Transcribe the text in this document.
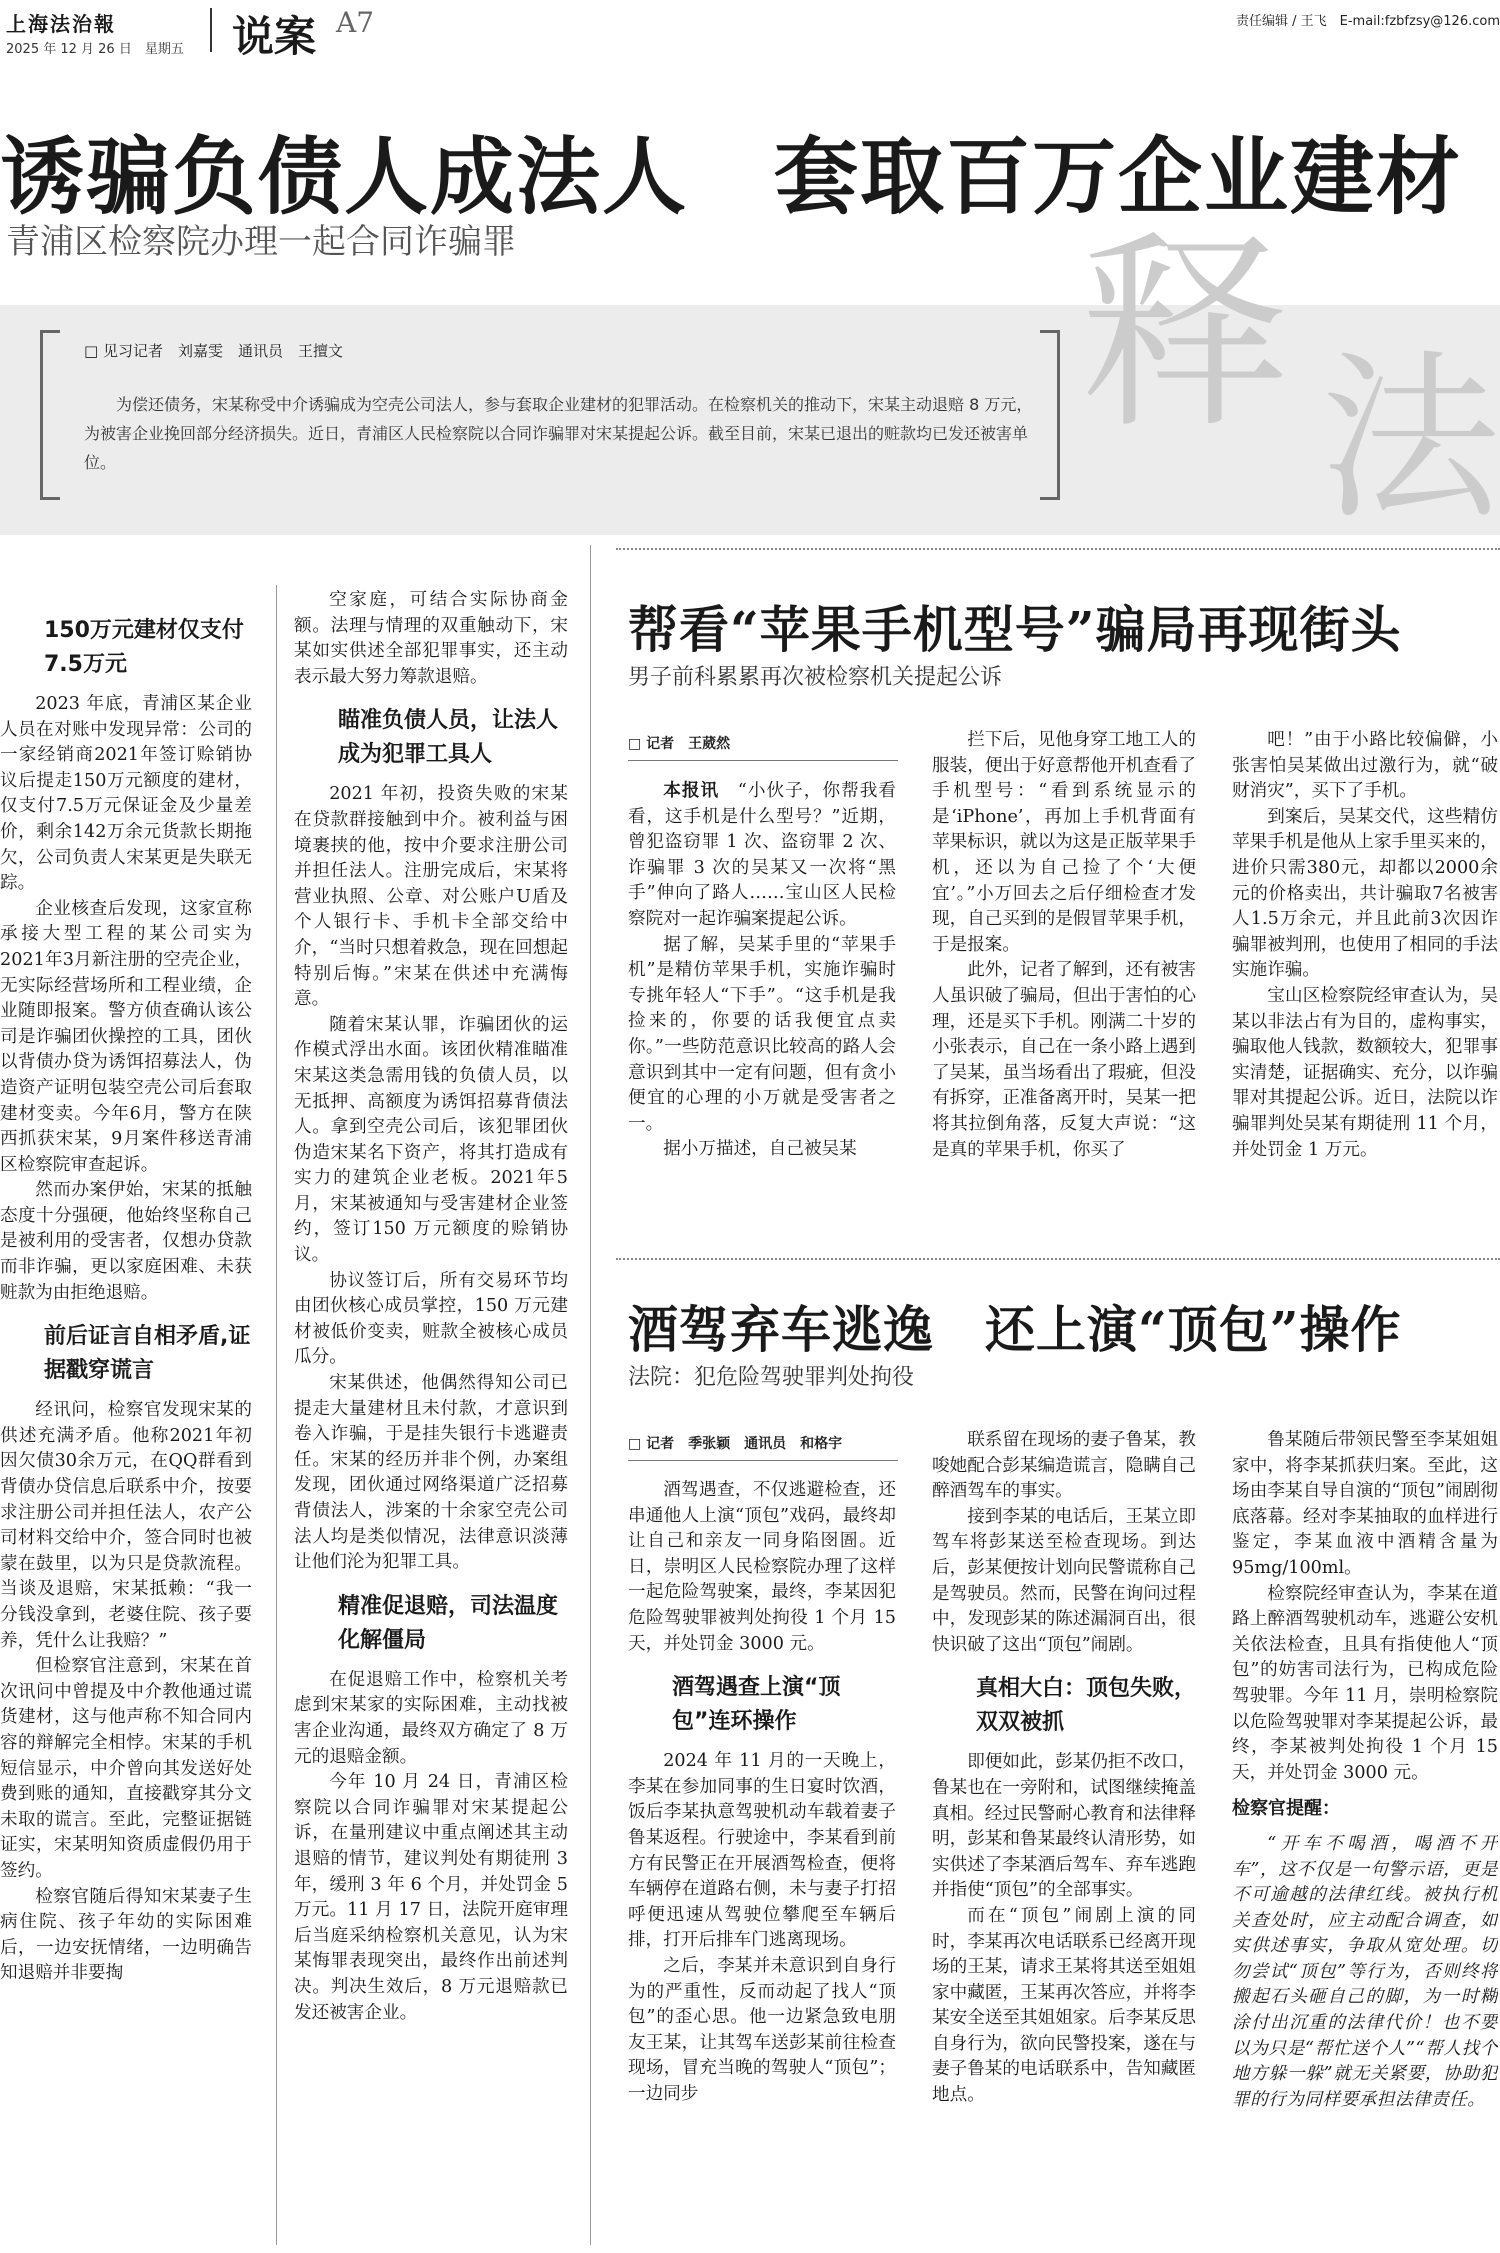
上海法治報
2025 年 12 月 26 日　星期五 说案 A7	责任编辑 / 王飞　E-mail:fzbfzsy@126.com
诱骗负债人成法人　套取百万企业建材
青浦区检察院办理一起合同诈骗罪
□ 见习记者　刘嘉雯　通讯员　王擅文
为偿还债务，宋某称受中介诱骗成为空壳公司法人，参与套取企业建材的犯罪活动。在检察机关的推动下，宋某主动退赔 8 万元，为被害企业挽回部分经济损失。近日，青浦区人民检察院以合同诈骗罪对宋某提起公诉。截至目前，宋某已退出的赃款均已发还被害单位。
释 法
150万元建材仅支付7.5万元

2023 年底，青浦区某企业人员在对账中发现异常：公司的一家经销商2021年签订赊销协议后提走150万元额度的建材，仅支付7.5万元保证金及少量差价，剩余142万余元货款长期拖欠，公司负责人宋某更是失联无踪。

企业核查后发现，这家宣称承接大型工程的某公司实为2021年3月新注册的空壳企业，无实际经营场所和工程业绩，企业随即报案。警方侦查确认该公司是诈骗团伙操控的工具，团伙以背债办贷为诱饵招募法人，伪造资产证明包装空壳公司后套取建材变卖。今年6月，警方在陕西抓获宋某，9月案件移送青浦区检察院审查起诉。

然而办案伊始，宋某的抵触态度十分强硬，他始终坚称自己是被利用的受害者，仅想办贷款而非诈骗，更以家庭困难、未获赃款为由拒绝退赔。

前后证言自相矛盾,证据戳穿谎言

经讯问，检察官发现宋某的供述充满矛盾。他称2021年初因欠债30余万元，在QQ群看到背债办贷信息后联系中介，按要求注册公司并担任法人，农产公司材料交给中介，签合同时也被蒙在鼓里，以为只是贷款流程。当谈及退赔，宋某抵赖：“我一分钱没拿到，老婆住院、孩子要养，凭什么让我赔？”

但检察官注意到，宋某在首次讯问中曾提及中介教他通过谎货建材，这与他声称不知合同内容的辩解完全相悖。宋某的手机短信显示，中介曾向其发送好处费到账的通知，直接戳穿其分文未取的谎言。至此，完整证据链证实，宋某明知资质虚假仍用于签约。

检察官随后得知宋某妻子生病住院、孩子年幼的实际困难后，一边安抚情绪，一边明确告知退赔并非要掏

空家庭，可结合实际协商金额。法理与情理的双重触动下，宋某如实供述全部犯罪事实，还主动表示最大努力筹款退赔。

瞄准负债人员，让法人成为犯罪工具人

2021 年初，投资失败的宋某在贷款群接触到中介。被利益与困境裹挟的他，按中介要求注册公司并担任法人。注册完成后，宋某将营业执照、公章、对公账户U盾及个人银行卡、手机卡全部交给中介，“当时只想着救急，现在回想起特别后悔。”宋某在供述中充满悔意。

随着宋某认罪，诈骗团伙的运作模式浮出水面。该团伙精准瞄准宋某这类急需用钱的负债人员，以无抵押、高额度为诱饵招募背债法人。拿到空壳公司后，该犯罪团伙伪造宋某名下资产，将其打造成有实力的建筑企业老板。2021年5月，宋某被通知与受害建材企业签约，签订150 万元额度的赊销协议。

协议签订后，所有交易环节均由团伙核心成员掌控，150 万元建材被低价变卖，赃款全被核心成员瓜分。

宋某供述，他偶然得知公司已提走大量建材且未付款，才意识到卷入诈骗，于是挂失银行卡逃避责任。宋某的经历并非个例，办案组发现，团伙通过网络渠道广泛招募背债法人，涉案的十余家空壳公司法人均是类似情况，法律意识淡薄让他们沦为犯罪工具。

精准促退赔，司法温度化解僵局

在促退赔工作中，检察机关考虑到宋某家的实际困难，主动找被害企业沟通，最终双方确定了 8 万元的退赔金额。

今年 10 月 24 日，青浦区检察院以合同诈骗罪对宋某提起公诉，在量刑建议中重点阐述其主动退赔的情节，建议判处有期徒刑 3 年，缓刑 3 年 6 个月，并处罚金 5 万元。11 月 17 日，法院开庭审理后当庭采纳检察机关意见，认为宋某悔罪表现突出，最终作出前述判决。判决生效后，8 万元退赔款已发还被害企业。

帮看“苹果手机型号”骗局再现街头
男子前科累累再次被检察机关提起公诉
□ 记者　王葳然

本报讯　“小伙子，你帮我看看，这手机是什么型号？”近期，曾犯盗窃罪 1 次、盗窃罪 2 次、诈骗罪 3 次的吴某又一次将“黑手”伸向了路人……宝山区人民检察院对一起诈骗案提起公诉。

据了解，吴某手里的“苹果手机”是精仿苹果手机，实施诈骗时专挑年轻人“下手”。“这手机是我捡来的，你要的话我便宜点卖你。”一些防范意识比较高的路人会意识到其中一定有问题，但有贪小便宜的心理的小万就是受害者之一。

据小万描述，自己被吴某

拦下后，见他身穿工地工人的服装，便出于好意帮他开机查看了手机型号：“看到系统显示的是‘iPhone’，再加上手机背面有苹果标识，就以为这是正版苹果手机，还以为自己捡了个‘大便宜’。”小万回去之后仔细检查才发现，自己买到的是假冒苹果手机，于是报案。

此外，记者了解到，还有被害人虽识破了骗局，但出于害怕的心理，还是买下手机。刚满二十岁的小张表示，自己在一条小路上遇到了吴某，虽当场看出了瑕疵，但没有拆穿，正准备离开时，吴某一把将其拉倒角落，反复大声说：“这是真的苹果手机，你买了

吧！”由于小路比较偏僻，小张害怕吴某做出过激行为，就“破财消灾”，买下了手机。

到案后，吴某交代，这些精仿苹果手机是他从上家手里买来的，进价只需380元，却都以2000余元的价格卖出，共计骗取7名被害人1.5万余元，并且此前3次因诈骗罪被判刑，也使用了相同的手法实施诈骗。

宝山区检察院经审查认为，吴某以非法占有为目的，虚构事实，骗取他人钱款，数额较大，犯罪事实清楚，证据确实、充分，以诈骗罪对其提起公诉。近日，法院以诈骗罪判处吴某有期徒刑 11 个月，并处罚金 1 万元。

酒驾弃车逃逸　还上演“顶包”操作
法院：犯危险驾驶罪判处拘役
□ 记者　季张颖　通讯员　和格宇

酒驾遇查，不仅逃避检查，还串通他人上演“顶包”戏码，最终却让自己和亲友一同身陷囹圄。近日，崇明区人民检察院办理了这样一起危险驾驶案，最终，李某因犯危险驾驶罪被判处拘役 1 个月 15 天，并处罚金 3000 元。

酒驾遇查上演“顶包”连环操作

2024 年 11 月的一天晚上，李某在参加同事的生日宴时饮酒，饭后李某执意驾驶机动车载着妻子鲁某返程。行驶途中，李某看到前方有民警正在开展酒驾检查，便将车辆停在道路右侧，未与妻子打招呼便迅速从驾驶位攀爬至车辆后排，打开后排车门逃离现场。

之后，李某并未意识到自身行为的严重性，反而动起了找人“顶包”的歪心思。他一边紧急致电朋友王某，让其驾车送彭某前往检查现场，冒充当晚的驾驶人“顶包”；一边同步

联系留在现场的妻子鲁某，教唆她配合彭某编造谎言，隐瞒自己醉酒驾车的事实。

接到李某的电话后，王某立即驾车将彭某送至检查现场。到达后，彭某便按计划向民警谎称自己是驾驶员。然而，民警在询问过程中，发现彭某的陈述漏洞百出，很快识破了这出“顶包”闹剧。

真相大白：顶包失败，双双被抓

即便如此，彭某仍拒不改口，鲁某也在一旁附和，试图继续掩盖真相。经过民警耐心教育和法律释明，彭某和鲁某最终认清形势，如实供述了李某酒后驾车、弃车逃跑并指使“顶包”的全部事实。

而在“顶包”闹剧上演的同时，李某再次电话联系已经离开现场的王某，请求王某将其送至姐姐家中藏匿，王某再次答应，并将李某安全送至其姐姐家。后李某反思自身行为，欲向民警投案，遂在与妻子鲁某的电话联系中，告知藏匿地点。

鲁某随后带领民警至李某姐姐家中，将李某抓获归案。至此，这场由李某自导自演的“顶包”闹剧彻底落幕。经对李某抽取的血样进行鉴定，李某血液中酒精含量为95mg/100ml。

检察院经审查认为，李某在道路上醉酒驾驶机动车，逃避公安机关依法检查，且具有指使他人“顶包”的妨害司法行为，已构成危险驾驶罪。今年 11 月，崇明检察院以危险驾驶罪对李某提起公诉，最终，李某被判处拘役 1 个月 15 天，并处罚金 3000 元。

检察官提醒：

“开车不喝酒，喝酒不开车”，这不仅是一句警示语，更是不可逾越的法律红线。被执行机关查处时，应主动配合调查，如实供述事实，争取从宽处理。切勿尝试“顶包”等行为，否则终将搬起石头砸自己的脚，为一时糊涂付出沉重的法律代价！也不要以为只是“帮忙送个人”“帮人找个地方躲一躲”就无关紧要，协助犯罪的行为同样要承担法律责任。
